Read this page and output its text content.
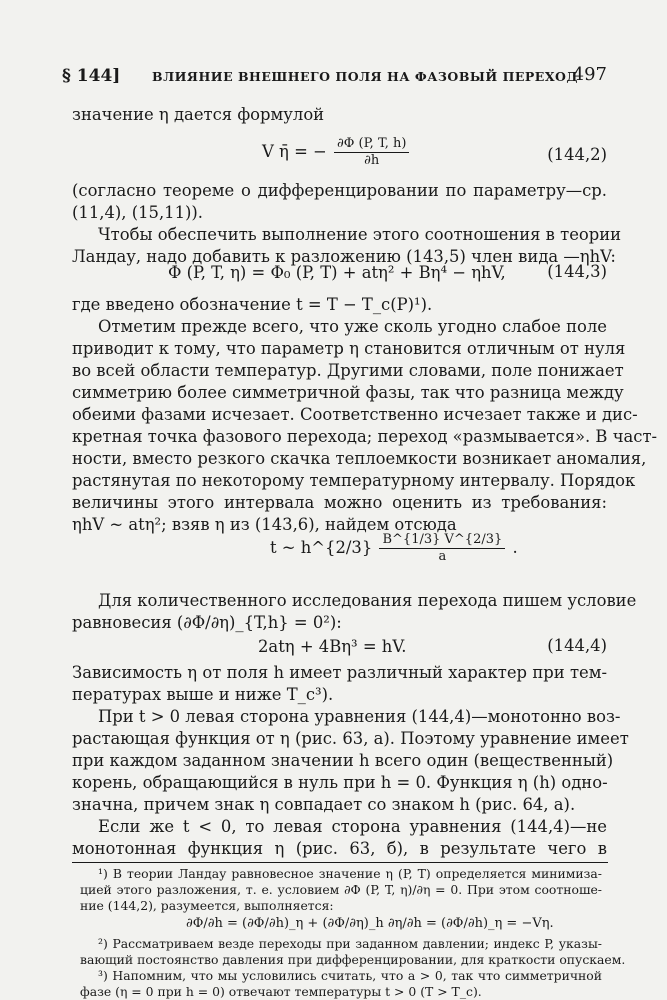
§ 144]	ВЛИЯНИЕ ВНЕШНЕГО ПОЛЯ НА ФАЗОВЫЙ ПЕРЕХОД
497
значение η дается формулой
V η̄ = − $\frac{\partial\Phi (P, T, h)}{\partial h}$	(144,2)
(согласно теореме о дифференцировании по параметру—ср.
(11,4), (15,11)).
Чтобы обеспечить выполнение этого соотношения в теории
Ландау, надо добавить к разложению (143,5) член вида —ηhV:
Φ (P, T, η) = Φ₀ (P, T) + atη² + Bη⁴ − ηhV,	(144,3)
где введено обозначение t = T − T_c(P)¹).
Отметим прежде всего, что уже сколь угодно слабое поле
приводит к тому, что параметр η становится отличным от нуля
во всей области температур. Другими словами, поле понижает
симметрию более симметричной фазы, так что разница между
обеими фазами исчезает. Соответственно исчезает также и дис-
кретная точка фазового перехода; переход «размывается». В част-
ности, вместо резкого скачка теплоемкости возникает аномалия,
растянутая по некоторому температурному интервалу. Порядок
величины этого интервала можно оценить из требования:
ηhV ~ atη²; взяв η из (143,6), найдем отсюда
t ~ h^{2/3} $\frac{B\^{}\{1/3\} V\^{}\{2/3\}}{a}$ .
Для количественного исследования перехода пишем условие
равновесия (∂Φ/∂η)_{T,h} = 0²):
2atη + 4Bη³ = hV.	(144,4)
Зависимость η от поля h имеет различный характер при тем-
пературах выше и ниже T_c³).
При t > 0 левая сторона уравнения (144,4)—монотонно воз-
растающая функция от η (рис. 63, a). Поэтому уравнение имеет
при каждом заданном значении h всего один (вещественный)
корень, обращающийся в нуль при h = 0. Функция η (h) одно-
значна, причем знак η совпадает со знаком h (рис. 64, a).
Если же t < 0, то левая сторона уравнения (144,4)—не
монотонная функция η (рис. 63, б), в результате чего в
¹) В теории Ландау равновесное значение η (P, T) определяется минимиза-
цией этого разложения, т. е. условием ∂Φ (P, T, η)/∂η = 0. При этом соотноше-
ние (144,2), разумеется, выполняется:
∂Φ/∂h = (∂Φ/∂h)_η + (∂Φ/∂η)_h ∂η/∂h = (∂Φ/∂h)_η = −Vη.
²) Рассматриваем везде переходы при заданном давлении; индекс P, указы-
вающий постоянство давления при дифференцировании, для краткости опускаем.
³) Напомним, что мы условились считать, что a > 0, так что симметричной
фазе (η = 0 при h = 0) отвечают температуры t > 0 (T > T_c).
